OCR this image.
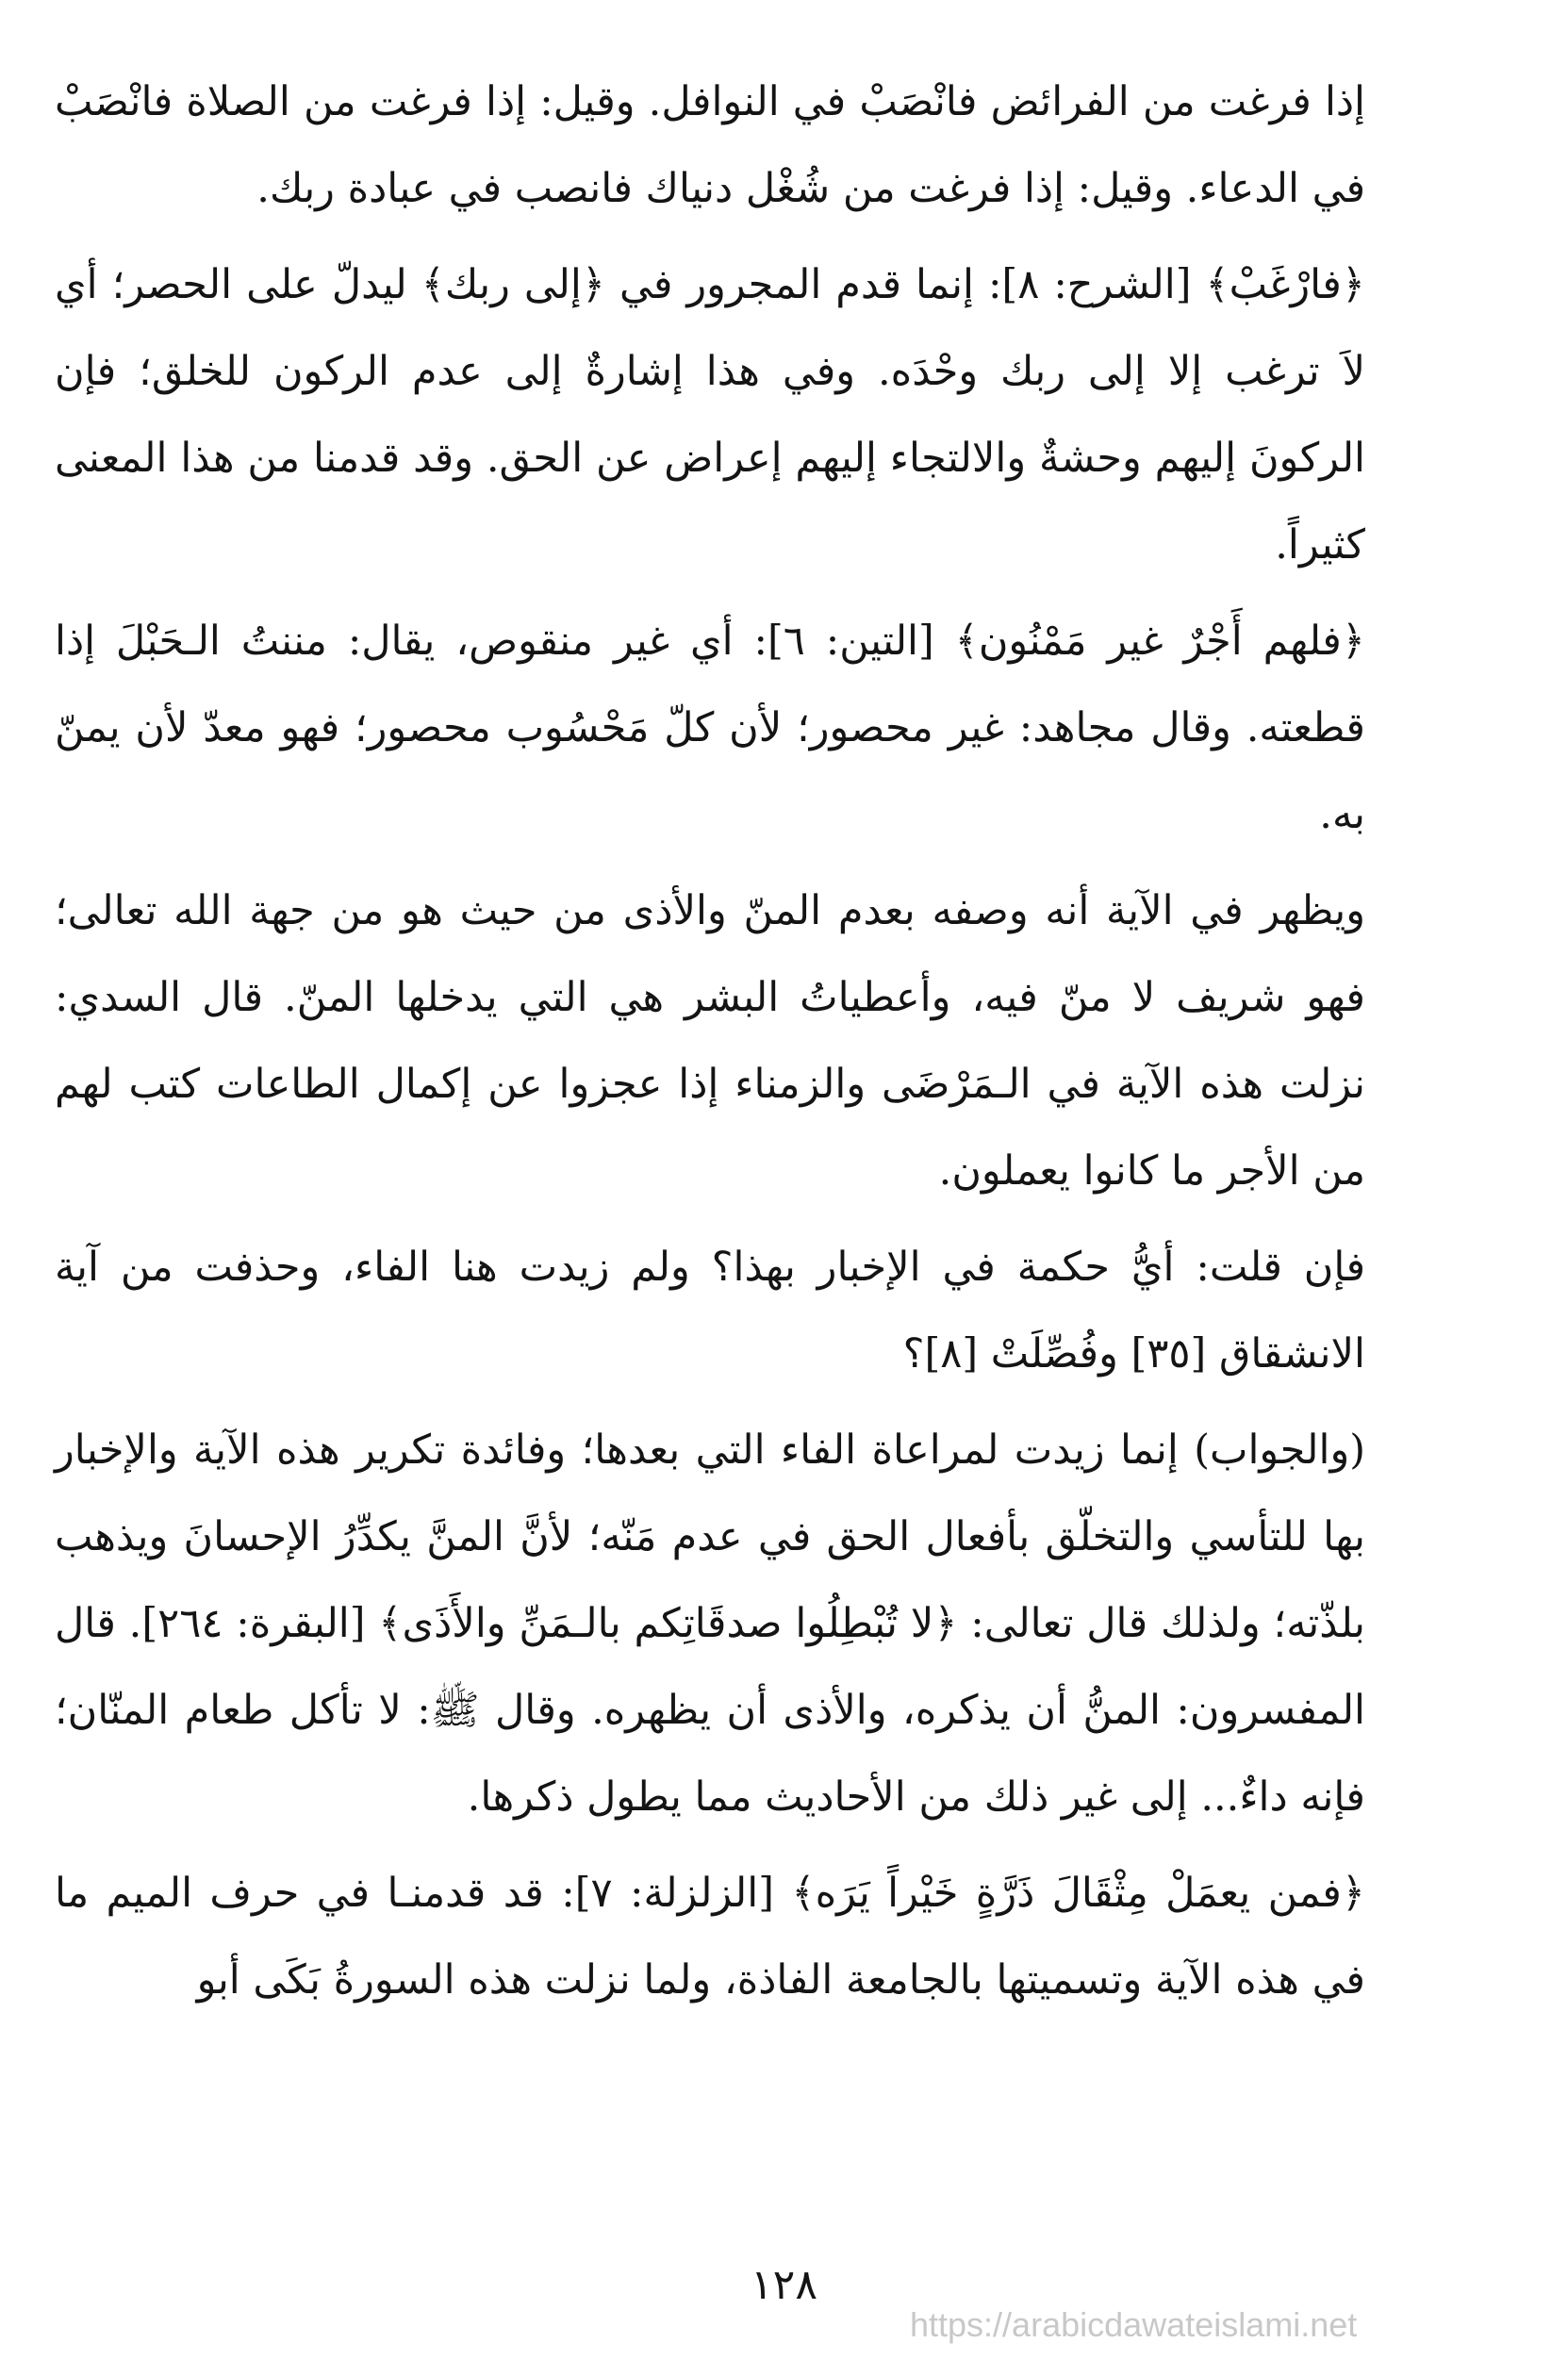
إذا فرغت من الفرائض فانْصَبْ في النوافل. وقيل: إذا فرغت من الصلاة فانْصَبْ في الدعاء. وقيل: إذا فرغت من شُغْل دنياك فانصب في عبادة ربك.

﴿فارْغَبْ﴾ [الشرح: ٨]: إنما قدم المجرور في ﴿إلى ربك﴾ ليدلّ على الحصر؛ أي لاَ ترغب إلا إلى ربك وحْدَه. وفي هذا إشارةٌ إلى عدم الركون للخلق؛ فإن الركونَ إليهم وحشةٌ والالتجاء إليهم إعراض عن الحق. وقد قدمنا من هذا المعنى كثيراً.

﴿فلهم أَجْرٌ غير مَمْنُون﴾ [التين: ٦]: أي غير منقوص، يقال: مننتُ الـحَبْلَ إذا قطعته. وقال مجاهد: غير محصور؛ لأن كلّ مَحْسُوب محصور؛ فهو معدّ لأن يمنّ به.

ويظهر في الآية أنه وصفه بعدم المنّ والأذى من حيث هو من جهة الله تعالى؛ فهو شريف لا منّ فيه، وأعطياتُ البشر هي التي يدخلها المنّ. قال السدي: نزلت هذه الآية في الـمَرْضَى والزمناء إذا عجزوا عن إكمال الطاعات كتب لهم من الأجر ما كانوا يعملون.

فإن قلت: أيُّ حكمة في الإخبار بهذا؟ ولم زيدت هنا الفاء، وحذفت من آية الانشقاق [٣٥] وفُصِّلَتْ [٨]؟

(والجواب) إنما زيدت لمراعاة الفاء التي بعدها؛ وفائدة تكرير هذه الآية والإخبار بها للتأسي والتخلّق بأفعال الحق في عدم مَنّه؛ لأنَّ المنَّ يكدِّرُ الإحسانَ ويذهب بلذّته؛ ولذلك قال تعالى: ﴿لا تُبْطِلُوا صدقَاتِكم بالـمَنِّ والأَذَى﴾ [البقرة: ٢٦٤]. قال المفسرون: المنُّ أن يذكره، والأذى أن يظهره. وقال ﷺ: لا تأكل طعام المنّان؛ فإنه داءٌ... إلى غير ذلك من الأحاديث مما يطول ذكرها.

﴿فمن يعمَلْ مِثْقَالَ ذَرَّةٍ خَيْراً يَرَه﴾ [الزلزلة: ٧]: قد قدمنـا في حرف الميم ما في هذه الآية وتسميتها بالجامعة الفاذة، ولما نزلت هذه السورةُ بَكَى أبو

١٢٨
https://arabicdawateislami.net
